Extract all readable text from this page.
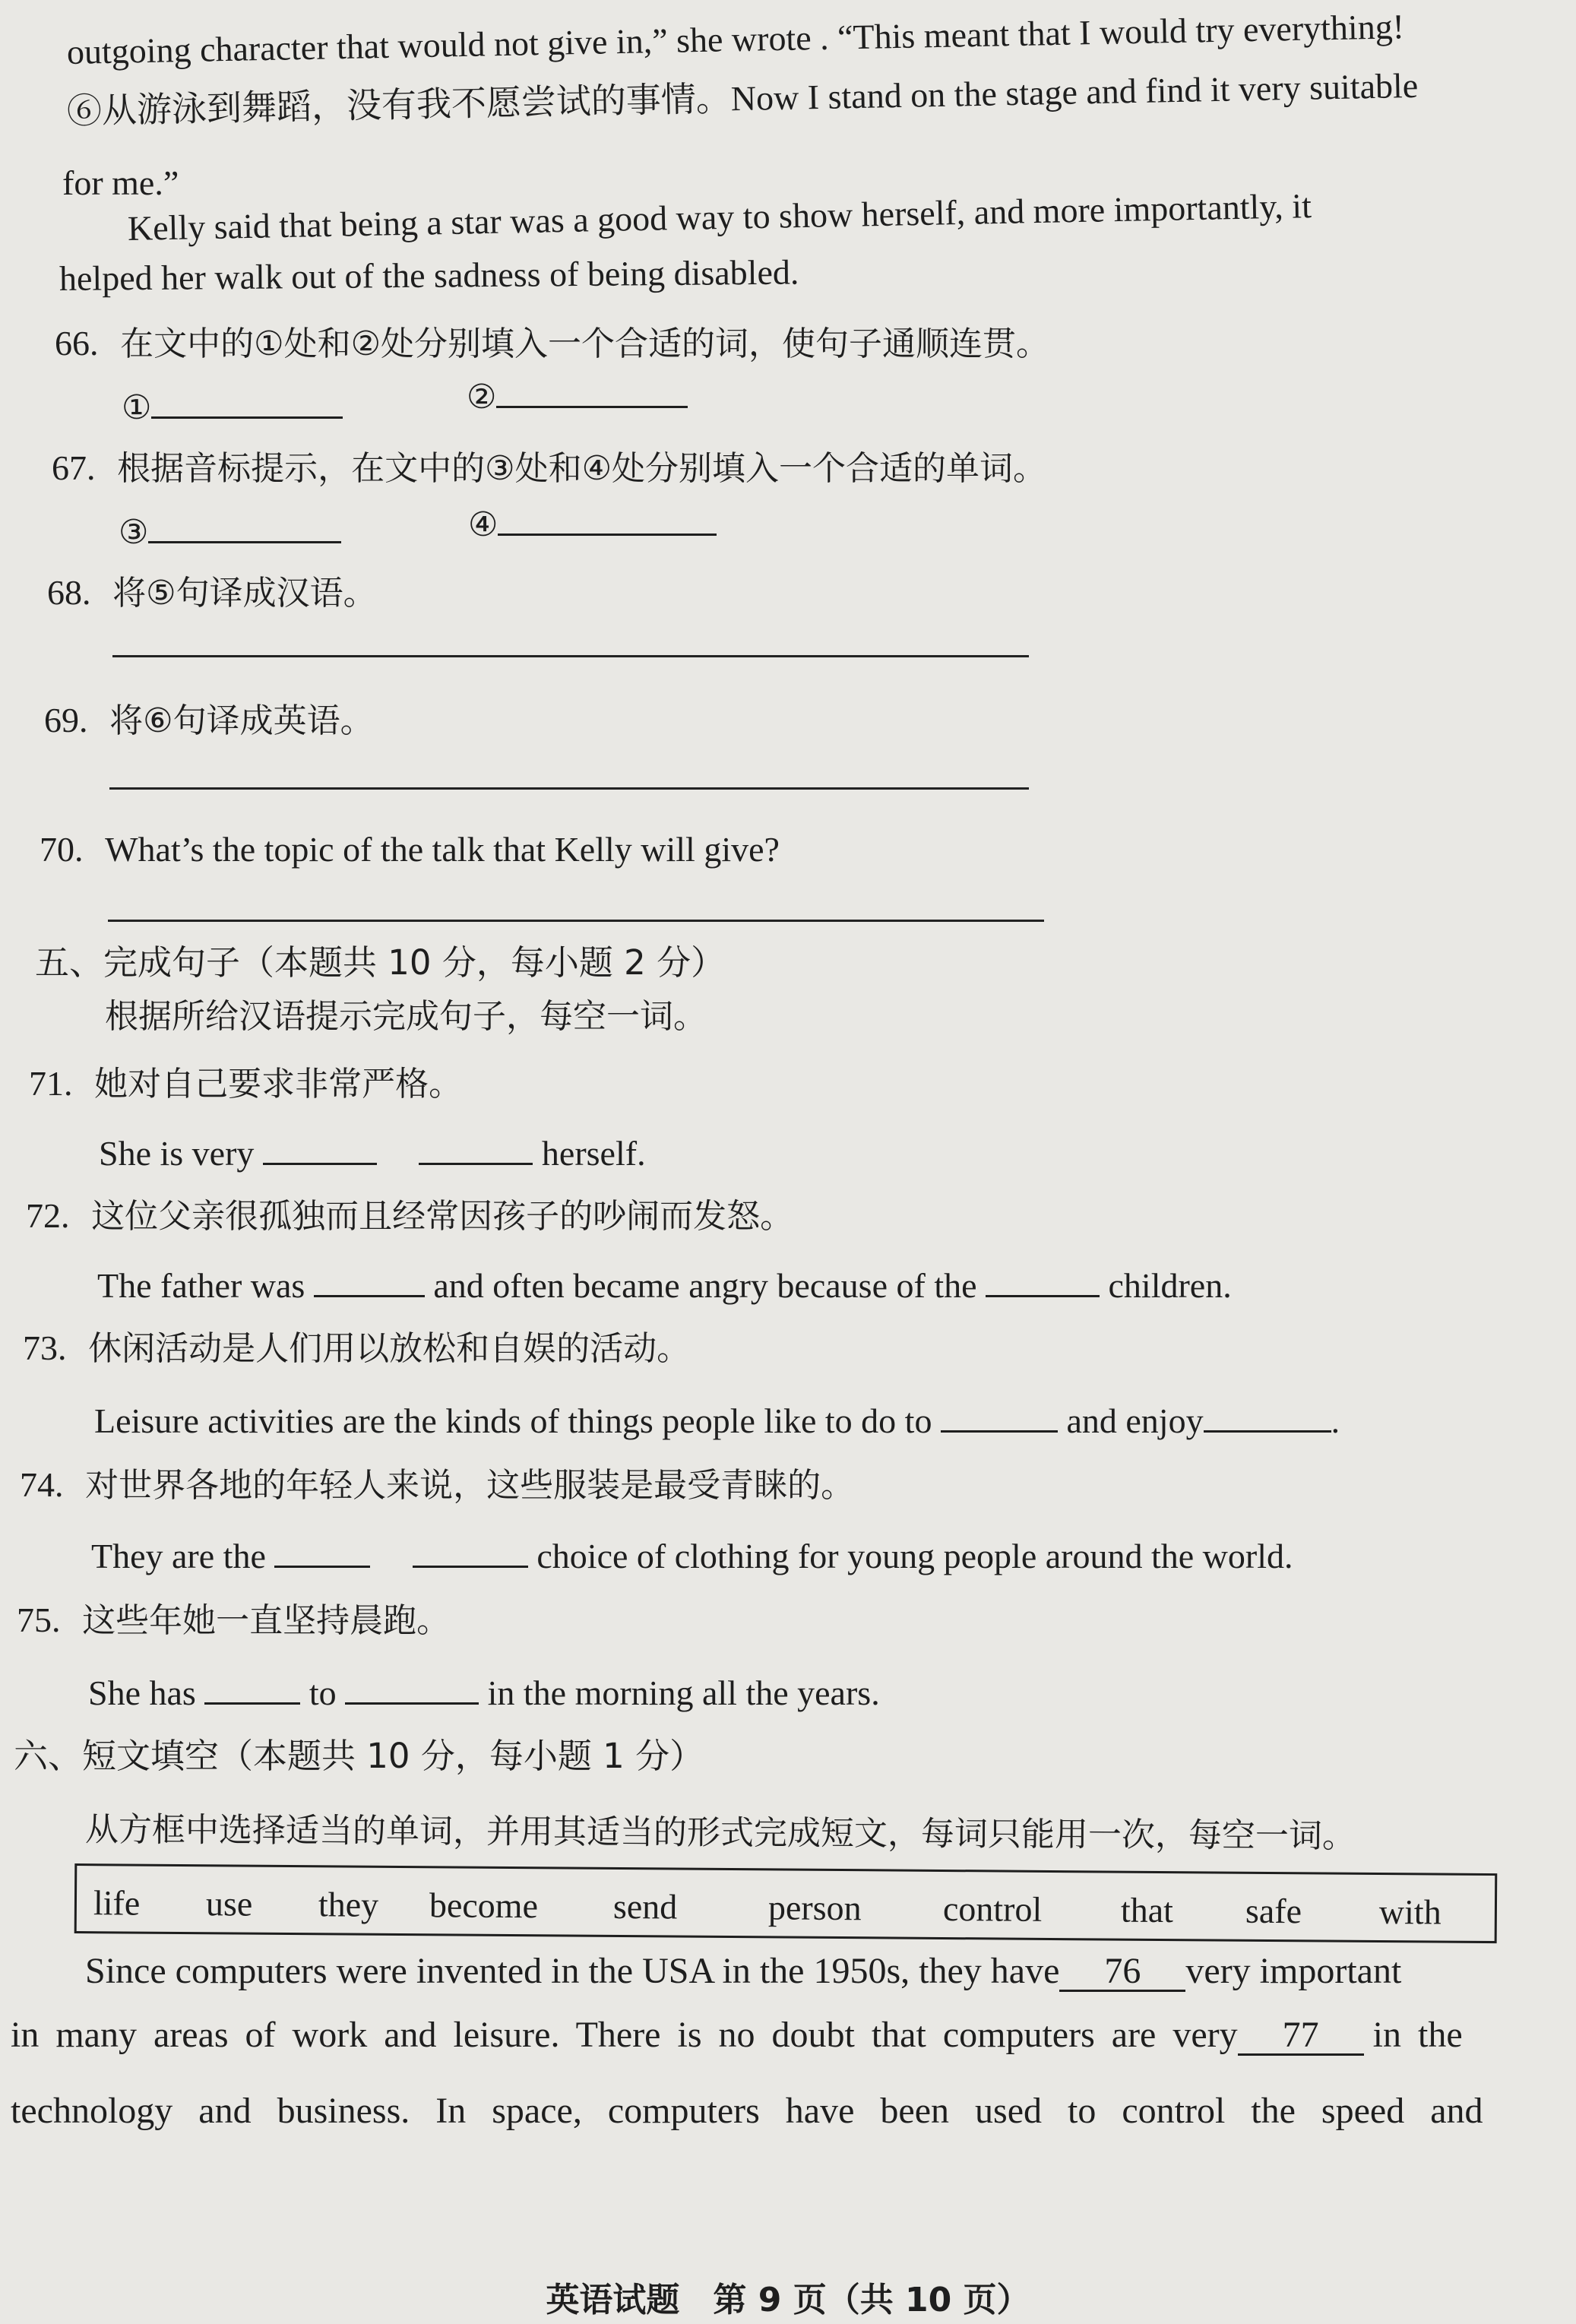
outgoing character that would not give in,” she wrote . “This meant that I would try everything!
⑥从游泳到舞蹈，没有我不愿尝试的事情。Now I stand on the stage and find it very suitable
for me.”
Kelly said that being a star was a good way to show herself, and more importantly, it
helped her walk out of the sadness of being disabled.
66. 在文中的①处和②处分别填入一个合适的词，使句子通顺连贯。
①	②
67. 根据音标提示，在文中的③处和④处分别填入一个合适的单词。
③	④
68. 将⑤句译成汉语。
69. 将⑥句译成英语。
70. What’s the topic of the talk that Kelly will give?
五、完成句子（本题共 10 分，每小题 2 分）
根据所给汉语提示完成句子，每空一词。
71. 她对自己要求非常严格。
She is very	herself.
72. 这位父亲很孤独而且经常因孩子的吵闹而发怒。
The father was	and often became angry because of the	children.
73. 休闲活动是人们用以放松和自娱的活动。
Leisure activities are the kinds of things people like to do to	and enjoy	.
74. 对世界各地的年轻人来说，这些服装是最受青睐的。
They are the	choice of clothing for young people around the world.
75. 这些年她一直坚持晨跑。
She has	to	in the morning all the years.
六、短文填空（本题共 10 分，每小题 1 分）
从方框中选择适当的单词，并用其适当的形式完成短文，每词只能用一次，每空一词。
life use they become send	person control that safe with
Since computers were invented in the USA in the 1950s, they have 76 very important
in many areas of work and leisure. There is no doubt that computers are very 77 in the
technology and business. In space, computers have been used to control the speed and
英语试题　第 9 页（共 10 页）
